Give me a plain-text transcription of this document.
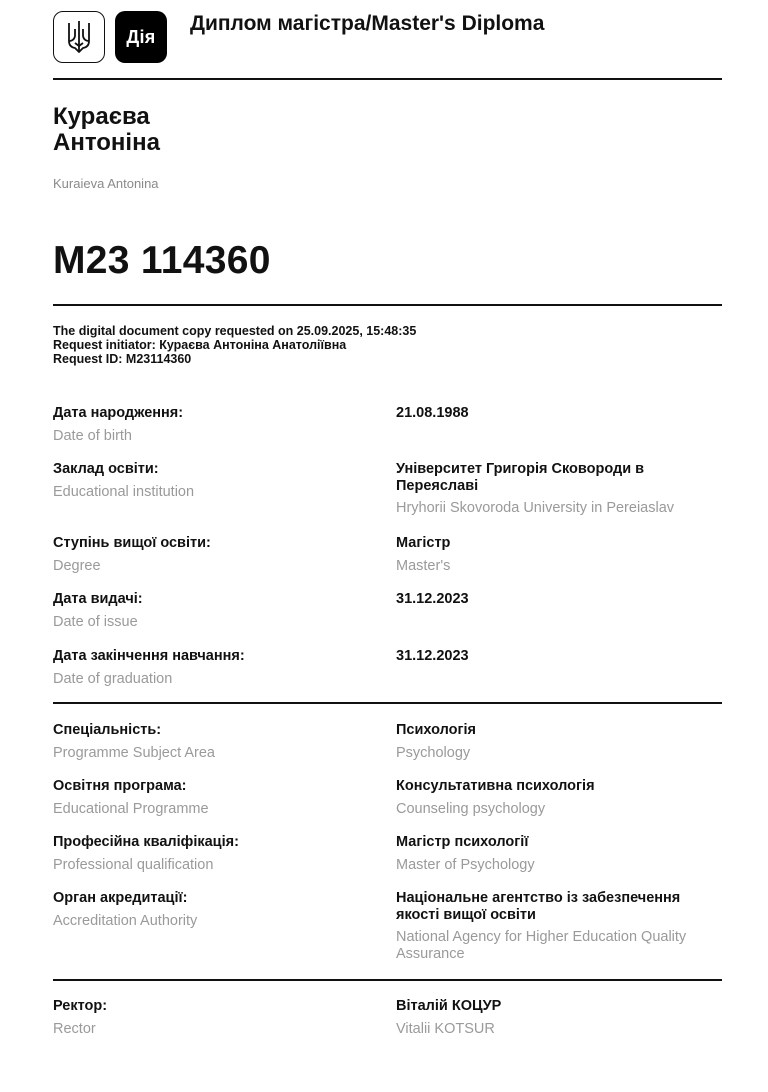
Дія
Диплом магістра/Master's Diploma
Кураєва
Антоніна
Kuraieva Antonina
M23 114360
The digital document copy requested on 25.09.2025, 15:48:35
Request initiator: Кураєва Антоніна Анатоліївна
Request ID: M23114360
Дата народження:
Date of birth
21.08.1988
Заклад освіти:
Educational institution
Університет Григорія Сковороди в Переяславі
Hryhorii Skovoroda University in Pereiaslav
Ступінь вищої освіти:
Degree
Магістр
Master's
Дата видачі:
Date of issue
31.12.2023
Дата закінчення навчання:
Date of graduation
31.12.2023
Спеціальність:
Programme Subject Area
Психологія
Psychology
Освітня програма:
Educational Programme
Консультативна психологія
Counseling psychology
Професійна кваліфікація:
Professional qualification
Магістр психології
Master of Psychology
Орган акредитації:
Accreditation Authority
Національне агентство із забезпечення якості вищої освіти
National Agency for Higher Education Quality Assurance
Ректор:
Rector
Віталій КОЦУР
Vitalii KOTSUR
